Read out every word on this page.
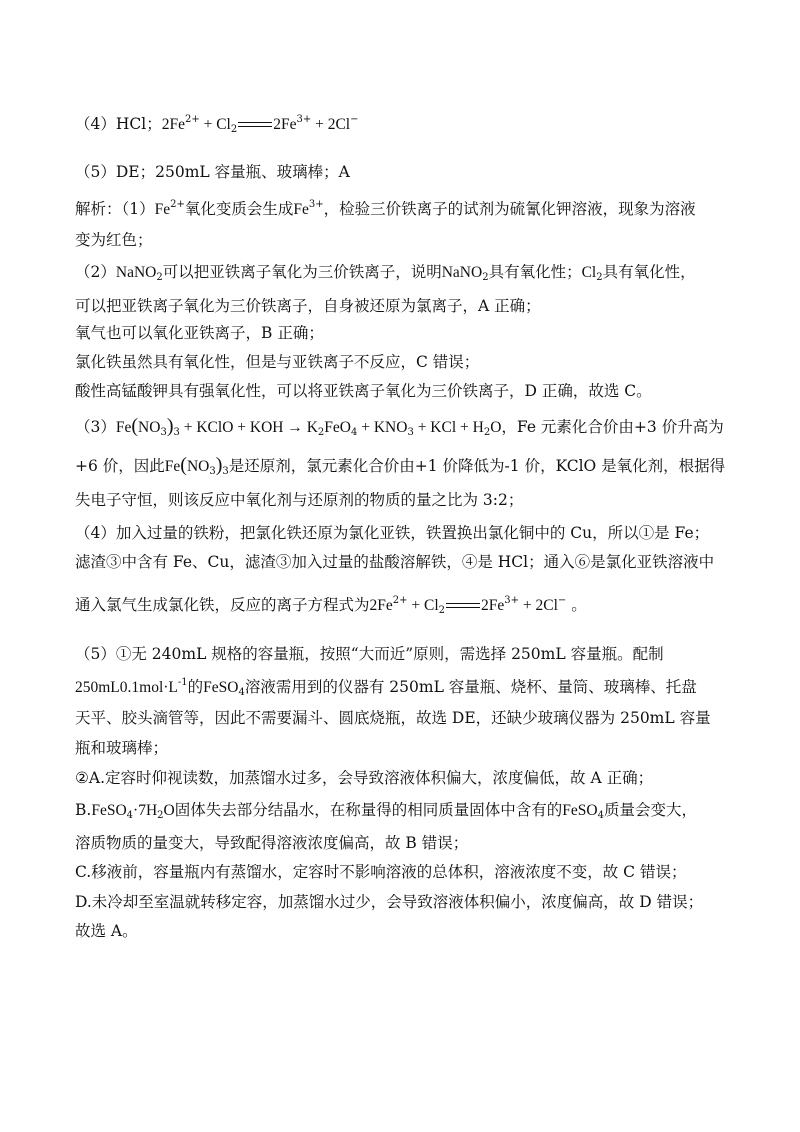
（4）HCl；$2Fe^{2+} + Cl_2$ $2Fe^{3+} + 2Cl^-$
（5）DE；250mL 容量瓶、玻璃棒；A
解析：$(1)Fe^{2+}$氧化变质会生成$Fe^{3+}$，检验三价铁离子的试剂为硫氰化钾溶液，现象为溶液
变为红色；
（2）NaNO$_2$可以把亚铁离子氧化为三价铁离子，说明NaNO$_2$具有氧化性；$Cl_2$具有氧化性，
可以把亚铁离子氧化为三价铁离子，自身被还原为氯离子，A 正确；
氧气也可以氧化亚铁离子，B 正确；
氯化铁虽然具有氧化性，但是与亚铁离子不反应，C 错误；
酸性高锰酸钾具有强氧化性，可以将亚铁离子氧化为三价铁离子，D 正确，故选 C。
$(3)Fe(NO_3)_3$ + KClO + KOH → $K_2FeO_4 + KNO_3$ + KCl + $H_2O$，Fe 元素化合价由+3 价升高为
+6 价，因此$Fe(NO_3)_3$是还原剂，氯元素化合价由+1 价降低为-1 价，KClO 是氧化剂，根据得
失电子守恒，则该反应中氧化剂与还原剂的物质的量之比为 3:2；
（4）加入过量的铁粉，把氯化铁还原为氯化亚铁，铁置换出氯化铜中的 Cu，所以①是 Fe；
滤渣③中含有 Fe、Cu，滤渣③加入过量的盐酸溶解铁，④是 HCl；通入⑥是氯化亚铁溶液中
通入氯气生成氯化铁，反应的离子方程式为$2Fe^{2+} + Cl_2$ $2Fe^{3+} + 2Cl^-$ 。
（5）①无 240mL 规格的容量瓶，按照“大而近”原则，需选择 250mL 容量瓶。配制
$250mL0.1mol\cdot L^{-1}$的FeSO$_4$溶液需用到的仪器有 250mL 容量瓶、烧杯、量筒、玻璃棒、托盘
天平、胶头滴管等，因此不需要漏斗、圆底烧瓶，故选 DE，还缺少玻璃仪器为 250mL 容量
瓶和玻璃棒；
②A.定容时仰视读数，加蒸馏水过多，会导致溶液体积偏大，浓度偏低，故 A 正确；
$B.FeSO_4\cdot 7H_2O$固体失去部分结晶水，在称量得的相同质量固体中含有的FeSO$_4$质量会变大，
溶质物质的量变大，导致配得溶液浓度偏高，故 B 错误；
C.移液前，容量瓶内有蒸馏水，定容时不影响溶液的总体积，溶液浓度不变，故 C 错误；
D.未冷却至室温就转移定容，加蒸馏水过少，会导致溶液体积偏小，浓度偏高，故 D 错误；
故选 A。
